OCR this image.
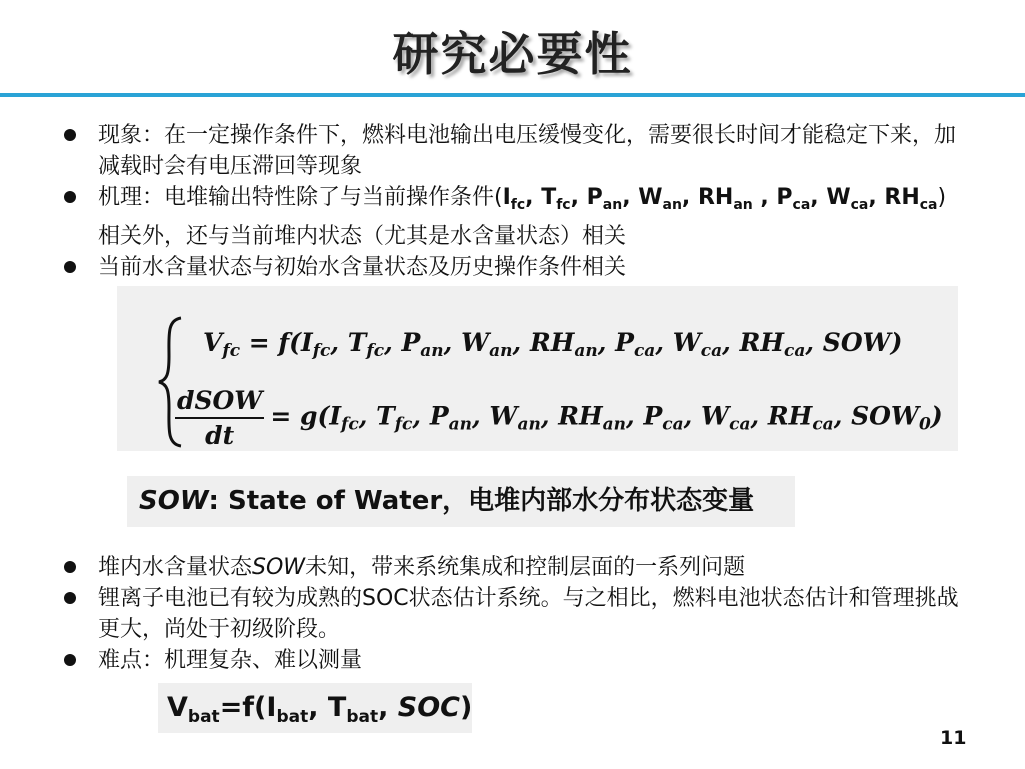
研究必要性
现象：在一定操作条件下，燃料电池输出电压缓慢变化，需要很长时间才能稳定下来，加减载时会有电压滞回等现象
机理：电堆输出特性除了与当前操作条件($I_{fc}$, $T_{fc}$, $P_{an}$, $W_{an}$, $RH_{an}$ , $P_{ca}$, $W_{ca}$, $RH_{ca}$)相关外，还与当前堆内状态（尤其是水含量状态）相关
当前水含量状态与初始水含量状态及历史操作条件相关
$V_{fc} = f(I_{fc}$, $T_{fc}$, $P_{an}$, $W_{an}$, $RH_{an}$, $P_{ca}$, $W_{ca}$, $RH_{ca}$, SOW)
$\frac{\text{dSOW}}{dt} = g(I_{fc}$, $T_{fc}$, $P_{an}$, $W_{an}$, $RH_{an}$, $P_{ca}$, $W_{ca}$, $RH_{ca}$, $SOW_0$)
SOW: State of Water，电堆内部水分布状态变量
堆内水含量状态SOW未知，带来系统集成和控制层面的一系列问题
锂离子电池已有较为成熟的SOC状态估计系统。与之相比，燃料电池状态估计和管理挑战更大，尚处于初级阶段。
难点：机理复杂、难以测量
$V_{bat}=f(I_{bat}$, $T_{bat}$, SOC)
11
